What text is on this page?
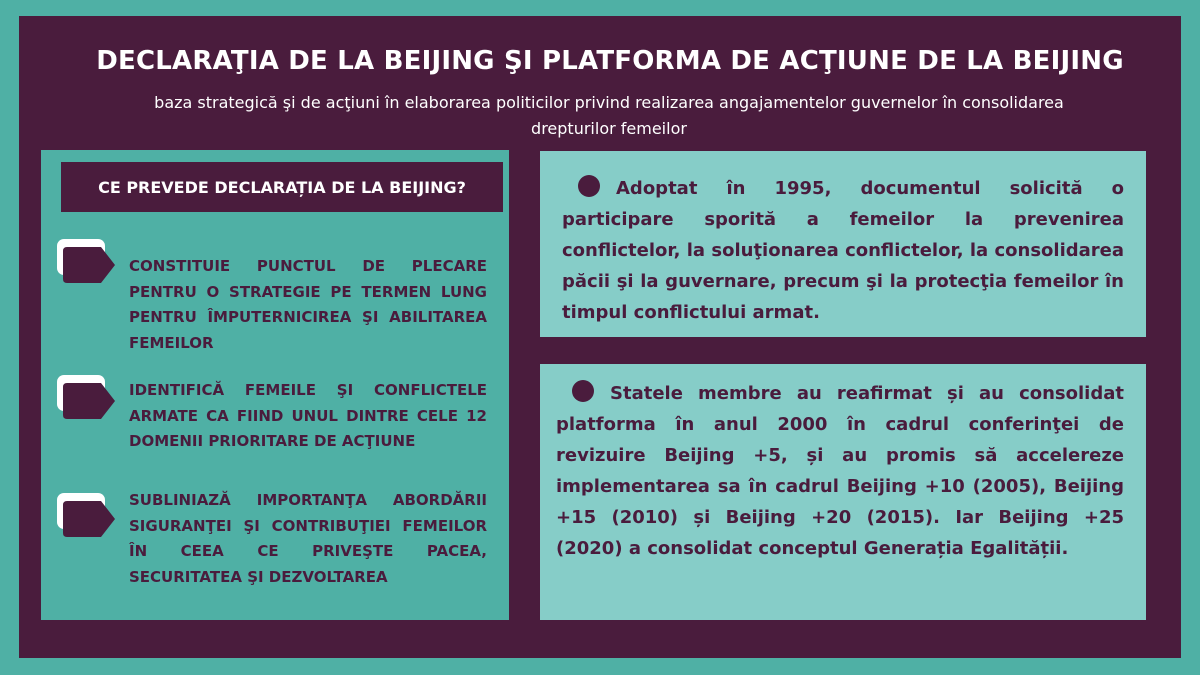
DECLARAŢIA DE LA BEIJING ŞI PLATFORMA DE ACŢIUNE DE LA BEIJING
baza strategică şi de acţiuni în elaborarea politicilor privind realizarea angajamentelor guvernelor în consolidarea drepturilor femeilor
CE PREVEDE DECLARAȚIA DE LA BEIJING?
CONSTITUIE PUNCTUL DE PLECARE PENTRU O STRATEGIE PE TERMEN LUNG PENTRU ÎMPUTERNICIREA ŞI ABILITAREA FEMEILOR
IDENTIFICĂ FEMEILE ŞI CONFLICTELE ARMATE CA FIIND UNUL DINTRE CELE 12 DOMENII PRIORITARE DE ACŢIUNE
SUBLINIAZĂ IMPORTANŢA ABORDĂRII SIGURANŢEI ŞI CONTRIBUŢIEI FEMEILOR ÎN CEEA CE PRIVEŞTE PACEA, SECURITATEA ŞI DEZVOLTAREA
Adoptat în 1995, documentul solicită o participare sporită a femeilor la prevenirea conflictelor, la soluţionarea conflictelor, la consolidarea păcii şi la guvernare, precum şi la protecţia femeilor în timpul conflictului armat.
Statele membre au reafirmat și au consolidat platforma în anul 2000 în cadrul conferinţei de revizuire Beijing +5, și au promis să accelereze implementarea sa în cadrul Beijing +10 (2005), Beijing +15 (2010) și Beijing +20 (2015). Iar Beijing +25 (2020) a consolidat conceptul Generația Egalității.
